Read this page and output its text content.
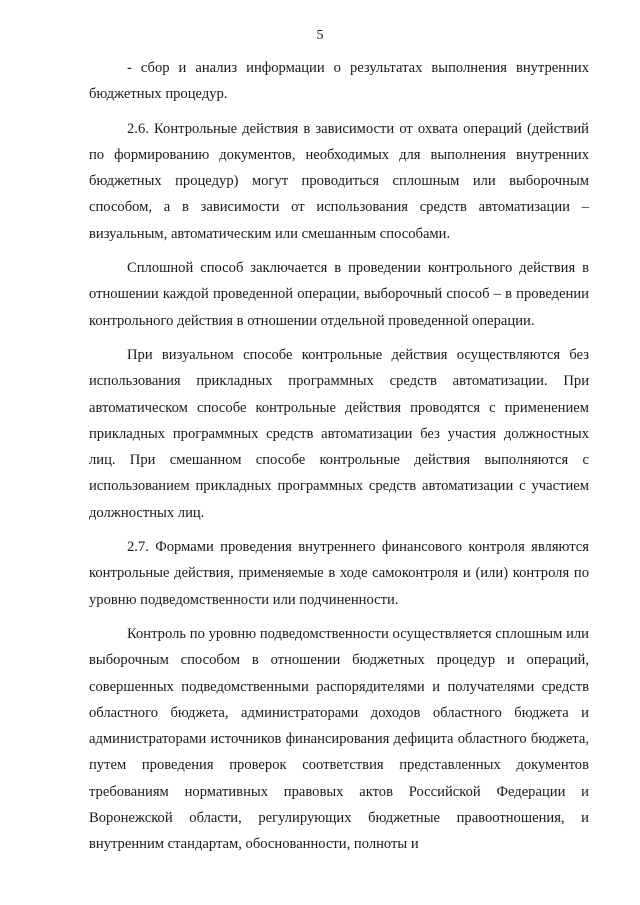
5

- сбор и анализ информации о результатах выполнения внутренних бюджетных процедур.

2.6. Контрольные действия в зависимости от охвата операций (действий по формированию документов, необходимых для выполнения внутренних бюджетных процедур) могут проводиться сплошным или выборочным способом, а в зависимости от использования средств автоматизации – визуальным, автоматическим или смешанным способами.

Сплошной способ заключается в проведении контрольного действия в отношении каждой проведенной операции, выборочный способ – в проведении контрольного действия в отношении отдельной проведенной операции.

При визуальном способе контрольные действия осуществляются без использования прикладных программных средств автоматизации. При автоматическом способе контрольные действия проводятся с применением прикладных программных средств автоматизации без участия должностных лиц. При смешанном способе контрольные действия выполняются с использованием прикладных программных средств автоматизации с участием должностных лиц.

2.7. Формами проведения внутреннего финансового контроля являются контрольные действия, применяемые в ходе самоконтроля и (или) контроля по уровню подведомственности или подчиненности.

Контроль по уровню подведомственности осуществляется сплошным или выборочным способом в отношении бюджетных процедур и операций, совершенных подведомственными распорядителями и получателями средств областного бюджета, администраторами доходов областного бюджета и администраторами источников финансирования дефицита областного бюджета, путем проведения проверок соответствия представленных документов требованиям нормативных правовых актов Российской Федерации и Воронежской области, регулирующих бюджетные правоотношения, и внутренним стандартам, обоснованности, полноты и
